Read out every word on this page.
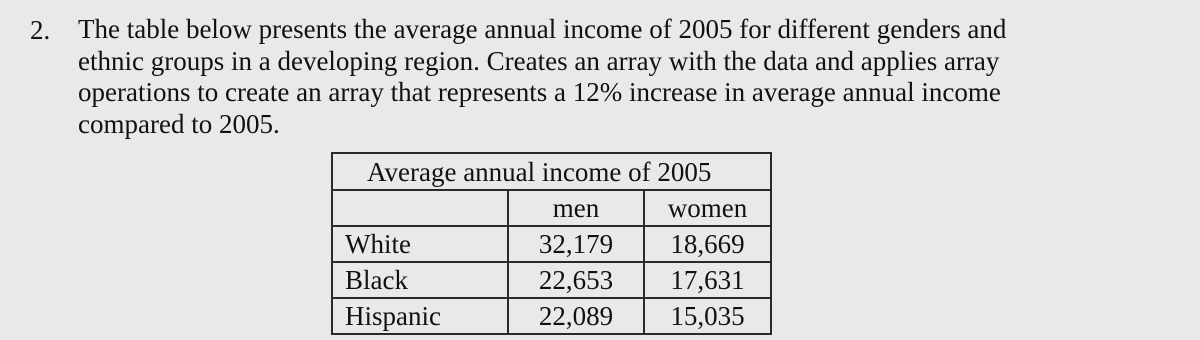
2. The table below presents the average annual income of 2005 for different genders and ethnic groups in a developing region. Creates an array with the data and applies array operations to create an array that represents a 12% increase in average annual income compared to 2005.
Average annual income of 2005		
	men	women
White	32,179	18,669
Black	22,653	17,631
Hispanic	22,089	15,035
